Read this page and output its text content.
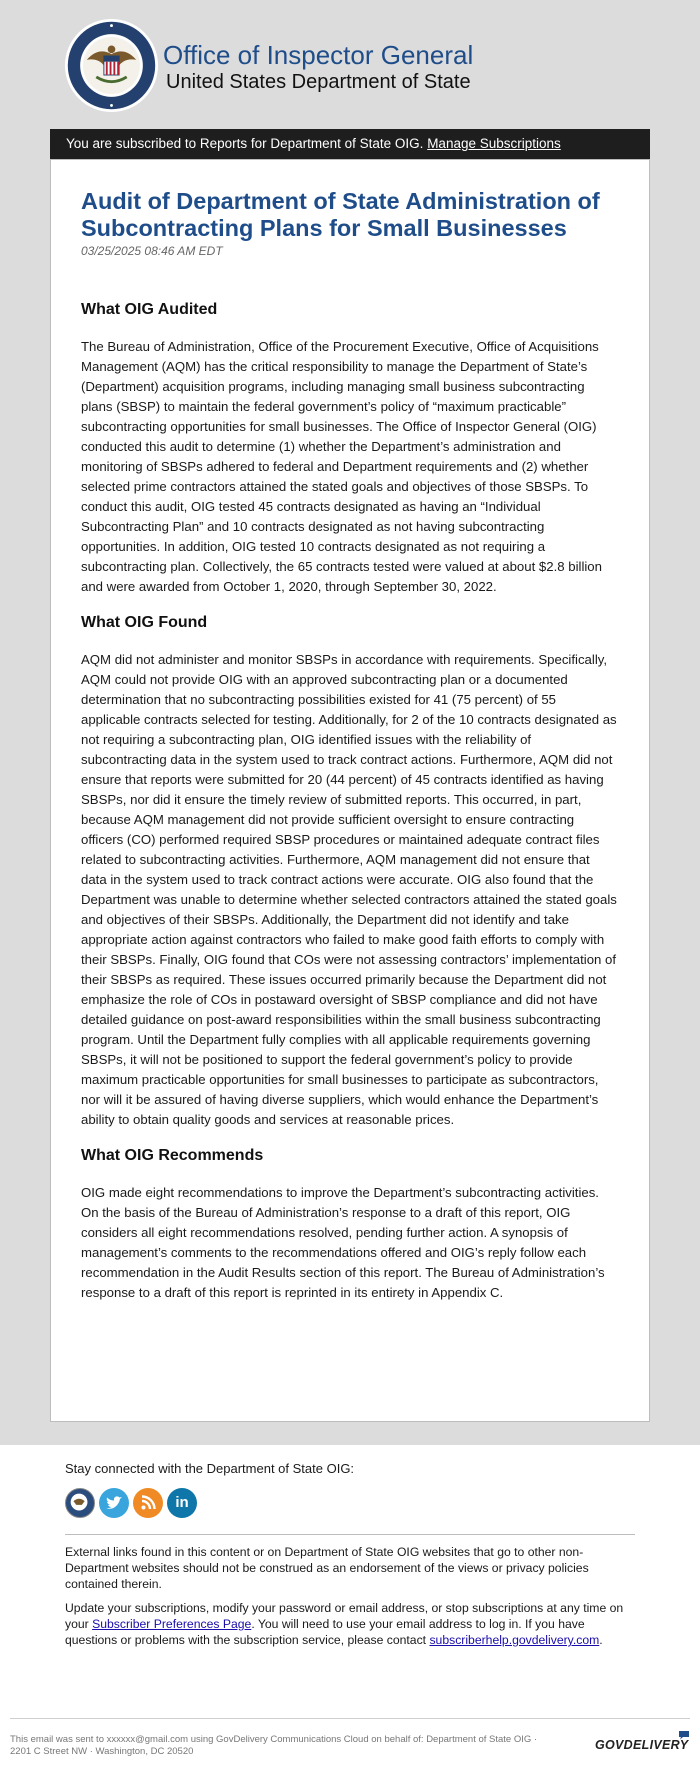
Office of Inspector General
United States Department of State
You are subscribed to Reports for Department of State OIG. Manage Subscriptions
Audit of Department of State Administration of Subcontracting Plans for Small Businesses
03/25/2025 08:46 AM EDT
What OIG Audited

The Bureau of Administration, Office of the Procurement Executive, Office of Acquisitions Management (AQM) has the critical responsibility to manage the Department of State’s (Department) acquisition programs, including managing small business subcontracting plans (SBSP) to maintain the federal government’s policy of “maximum practicable” subcontracting opportunities for small businesses. The Office of Inspector General (OIG) conducted this audit to determine (1) whether the Department’s administration and monitoring of SBSPs adhered to federal and Department requirements and (2) whether selected prime contractors attained the stated goals and objectives of those SBSPs. To conduct this audit, OIG tested 45 contracts designated as having an “Individual Subcontracting Plan” and 10 contracts designated as not having subcontracting opportunities. In addition, OIG tested 10 contracts designated as not requiring a subcontracting plan. Collectively, the 65 contracts tested were valued at about $2.8 billion and were awarded from October 1, 2020, through September 30, 2022.

What OIG Found

AQM did not administer and monitor SBSPs in accordance with requirements. Specifically, AQM could not provide OIG with an approved subcontracting plan or a documented determination that no subcontracting possibilities existed for 41 (75 percent) of 55 applicable contracts selected for testing. Additionally, for 2 of the 10 contracts designated as not requiring a subcontracting plan, OIG identified issues with the reliability of subcontracting data in the system used to track contract actions. Furthermore, AQM did not ensure that reports were submitted for 20 (44 percent) of 45 contracts identified as having SBSPs, nor did it ensure the timely review of submitted reports. This occurred, in part, because AQM management did not provide sufficient oversight to ensure contracting officers (CO) performed required SBSP procedures or maintained adequate contract files related to subcontracting activities. Furthermore, AQM management did not ensure that data in the system used to track contract actions were accurate. OIG also found that the Department was unable to determine whether selected contractors attained the stated goals and objectives of their SBSPs. Additionally, the Department did not identify and take appropriate action against contractors who failed to make good faith efforts to comply with their SBSPs. Finally, OIG found that COs were not assessing contractors’ implementation of their SBSPs as required. These issues occurred primarily because the Department did not emphasize the role of COs in postaward oversight of SBSP compliance and did not have detailed guidance on post-award responsibilities within the small business subcontracting program. Until the Department fully complies with all applicable requirements governing SBSPs, it will not be positioned to support the federal government’s policy to provide maximum practicable opportunities for small businesses to participate as subcontractors, nor will it be assured of having diverse suppliers, which would enhance the Department’s ability to obtain quality goods and services at reasonable prices.

What OIG Recommends

OIG made eight recommendations to improve the Department’s subcontracting activities. On the basis of the Bureau of Administration’s response to a draft of this report, OIG considers all eight recommendations resolved, pending further action. A synopsis of management’s comments to the recommendations offered and OIG’s reply follow each recommendation in the Audit Results section of this report. The Bureau of Administration’s response to a draft of this report is reprinted in its entirety in Appendix C.

Stay connected with the Department of State OIG:
in

External links found in this content or on Department of State OIG websites that go to other non-Department websites should not be construed as an endorsement of the views or privacy policies contained therein.

Update your subscriptions, modify your password or email address, or stop subscriptions at any time on your Subscriber Preferences Page. You will need to use your email address to log in. If you have questions or problems with the subscription service, please contact subscriberhelp.govdelivery.com.

This email was sent to xxxxxx@gmail.com using GovDelivery Communications Cloud on behalf of: Department of State OIG ·
2201 C Street NW · Washington, DC 20520	GOVDELIVERY
